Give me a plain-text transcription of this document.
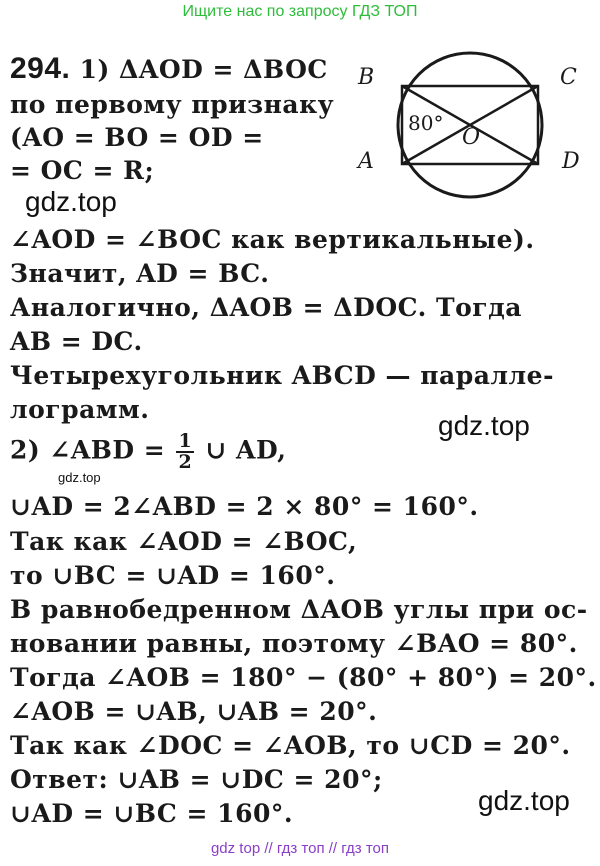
Ищите нас по запросу ГДЗ ТОП
294. 1) ΔAOD = ΔBOC
по первому признаку
(AO = BO = OD =
= OC = R;
gdz.top
∠AOD = ∠BOC как вертикальные).
Значит, AD = BC.
Аналогично, ΔAOB = ΔDOC. Тогда
AB = DC.
Четырехугольник ABCD — паралле-
лограмм.
gdz.top
2) ∠ABD = $\frac{1}{2}$ ∪ AD,
gdz.top
∪AD = 2∠ABD = 2 × 80° = 160°.
Так как ∠AOD = ∠BOC,
то ∪BC = ∪AD = 160°.
В равнобедренном ΔAOB углы при ос-
новании равны, поэтому ∠BAO = 80°.
Тогда ∠AOB = 180° − (80° + 80°) = 20°.
∠AOB = ∪AB, ∪AB = 20°.
Так как ∠DOC = ∠AOB, то ∪CD = 20°.
Ответ: ∪AB = ∪DC = 20°;
∪AD = ∪BC = 160°.	gdz.top
B	C
A	D
O
80°
gdz top // гдз топ // гдз топ
